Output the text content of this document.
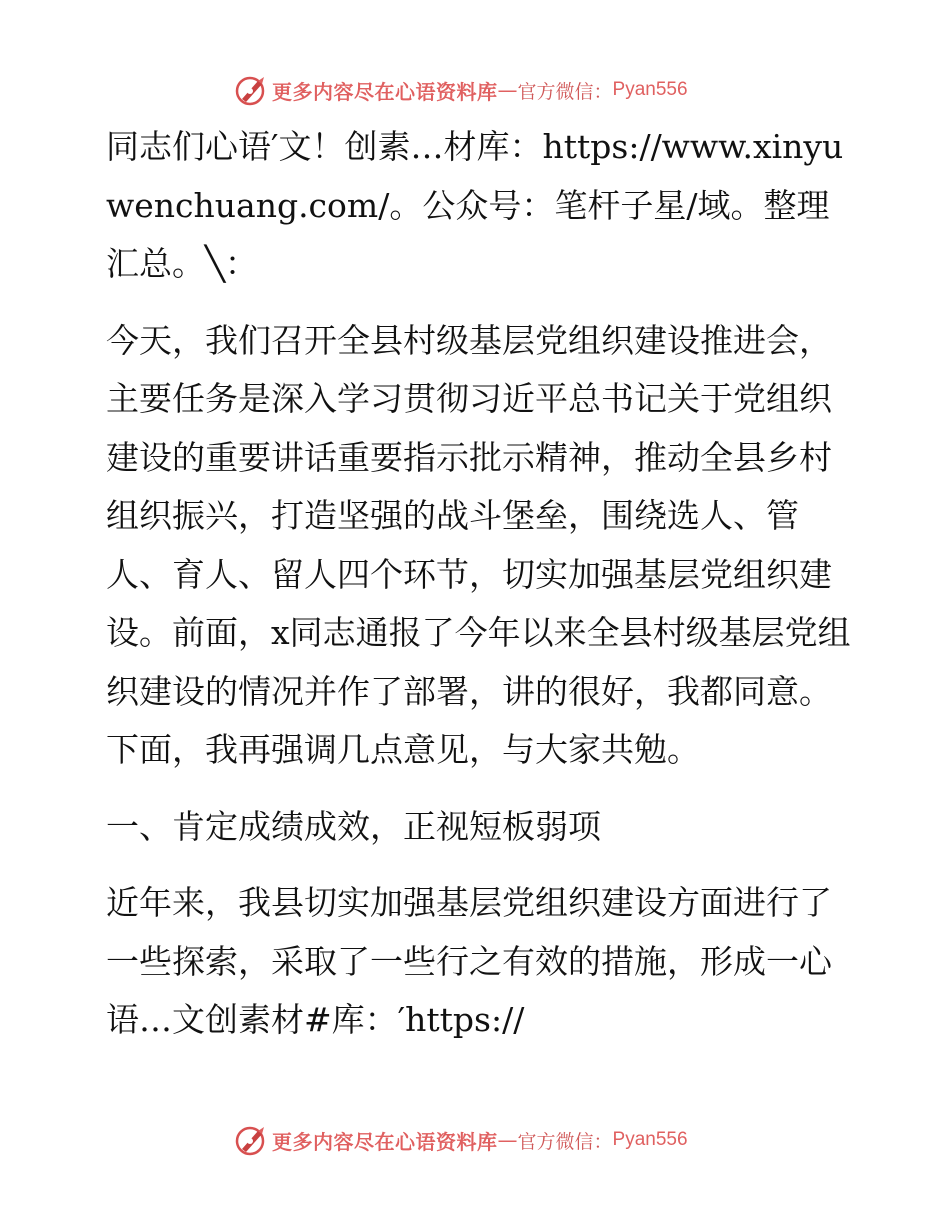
更多内容尽在心语资料库 — 官方微信： Pyan556

同志们心语′文！创素…材库：https://www.xinyuwenchuang.com/。公众号：笔杆子星/域。整理汇总。╲：

今天，我们召开全县村级基层党组织建设推进会，主要任务是深入学习贯彻习近平总书记关于党组织建设的重要讲话重要指示批示精神，推动全县乡村组织振兴，打造坚强的战斗堡垒，围绕选人、管人、育人、留人四个环节，切实加强基层党组织建设。前面，x同志通报了今年以来全县村级基层党组织建设的情况并作了部署，讲的很好，我都同意。下面，我再强调几点意见，与大家共勉。

一、肯定成绩成效，正视短板弱项

近年来，我县切实加强基层党组织建设方面进行了一些探索，采取了一些行之有效的措施，形成一心语…文创素材#库：′https://

更多内容尽在心语资料库 — 官方微信： Pyan556
